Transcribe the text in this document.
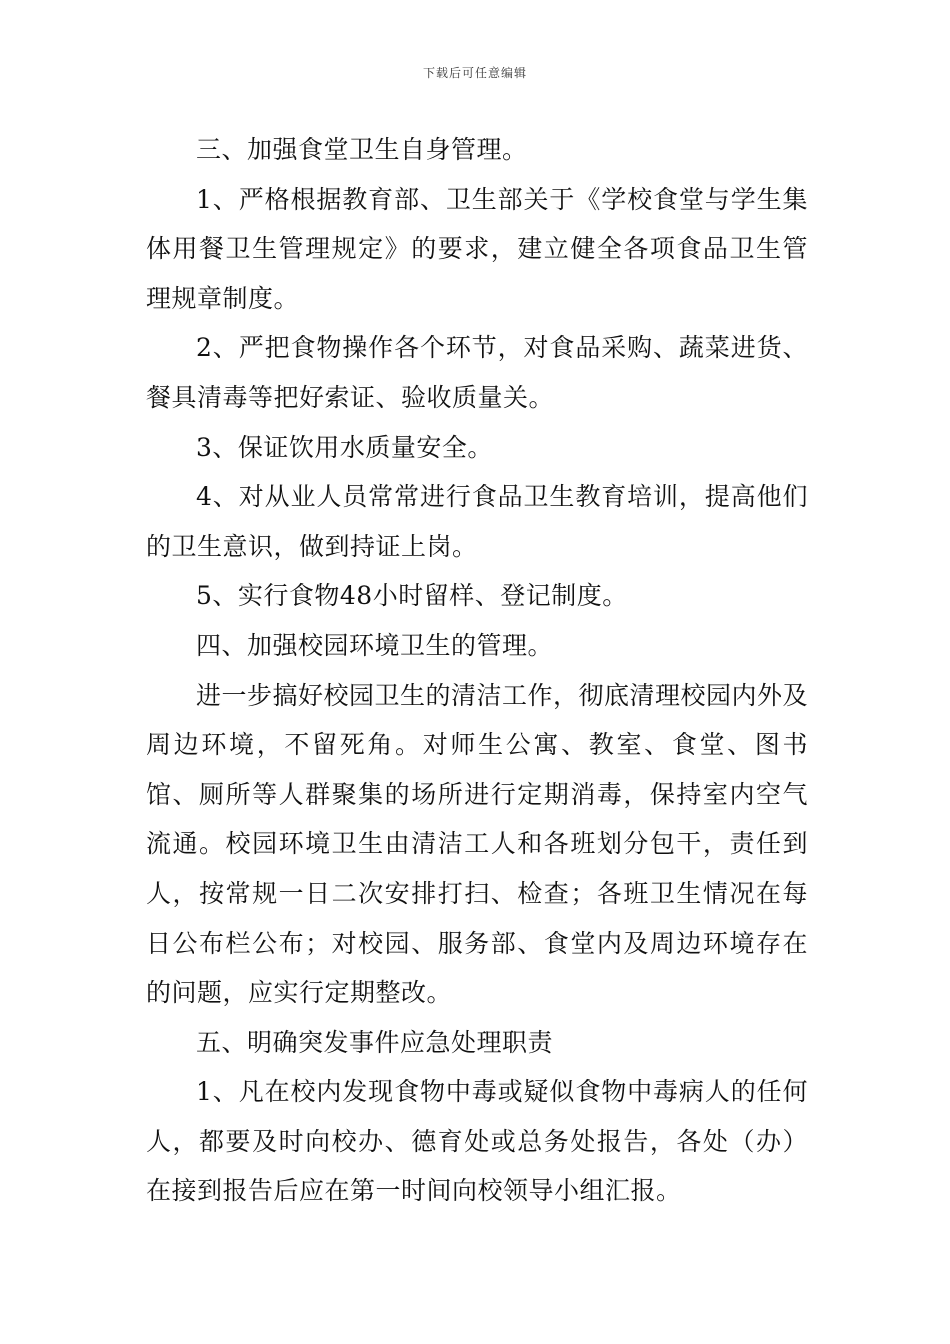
下载后可任意编辑

三、加强食堂卫生自身管理。

1、严格根据教育部、卫生部关于《学校食堂与学生集体用餐卫生管理规定》的要求，建立健全各项食品卫生管理规章制度。

2、严把食物操作各个环节，对食品采购、蔬菜进货、餐具清毒等把好索证、验收质量关。

3、保证饮用水质量安全。

4、对从业人员常常进行食品卫生教育培训，提高他们的卫生意识，做到持证上岗。

5、实行食物48小时留样、登记制度。

四、加强校园环境卫生的管理。

进一步搞好校园卫生的清洁工作，彻底清理校园内外及周边环境，不留死角。对师生公寓、教室、食堂、图书馆、厕所等人群聚集的场所进行定期消毒，保持室内空气流通。校园环境卫生由清洁工人和各班划分包干，责任到人，按常规一日二次安排打扫、检查；各班卫生情况在每日公布栏公布；对校园、服务部、食堂内及周边环境存在的问题，应实行定期整改。

五、明确突发事件应急处理职责

1、凡在校内发现食物中毒或疑似食物中毒病人的任何人，都要及时向校办、德育处或总务处报告，各处（办）在接到报告后应在第一时间向校领导小组汇报。
